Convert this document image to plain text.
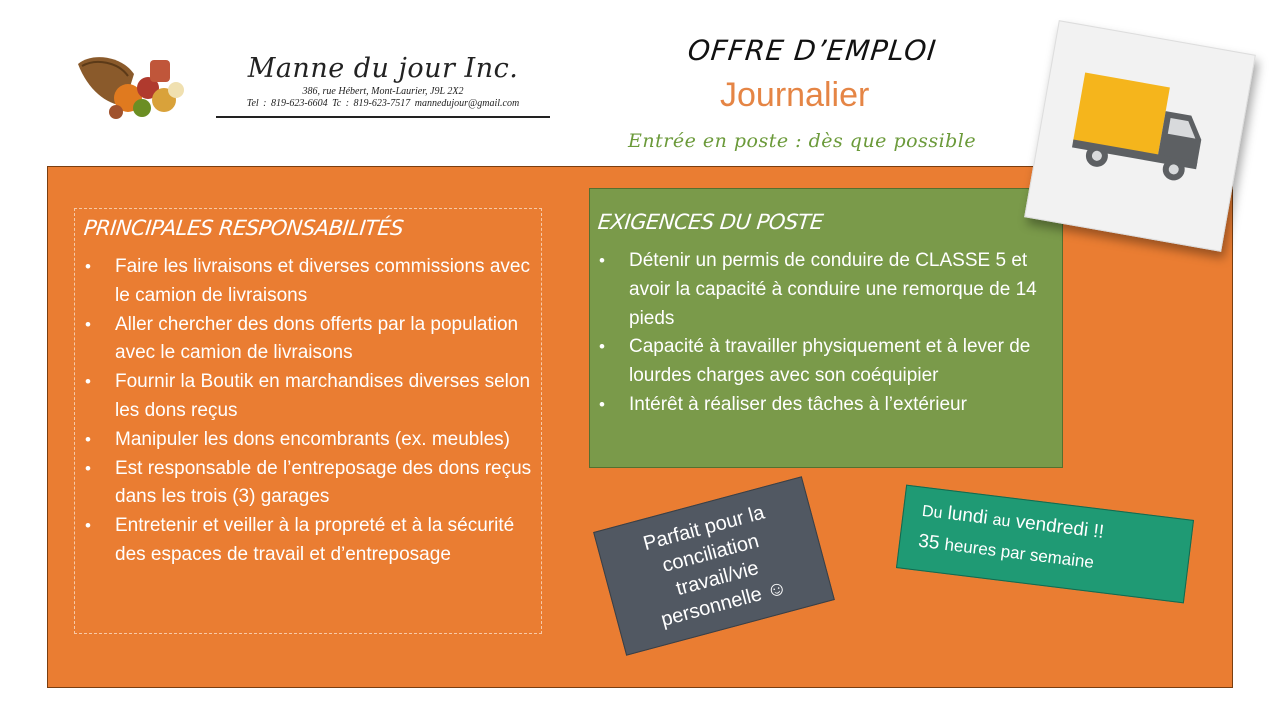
Manne du jour Inc.
386, rue Hébert, Mont-Laurier, J9L 2X2
Tel : 819-623-6604 Tc : 819-623-7517 mannedujour@gmail.com
OFFRE D’EMPLOI
Journalier
Entrée en poste : dès que possible
PRINCIPALES RESPONSABILITÉS
• Faire les livraisons et diverses commissions avec le camion de livraisons
• Aller chercher des dons offerts par la population avec le camion de livraisons
• Fournir la Boutik en marchandises diverses selon les dons reçus
• Manipuler les dons encombrants (ex. meubles)
• Est responsable de l’entreposage des dons reçus dans les trois (3) garages
• Entretenir et veiller à la propreté et à la sécurité des espaces de travail et d’entreposage
EXIGENCES DU POSTE
• Détenir un permis de conduire de CLASSE 5 et avoir la capacité à conduire une remorque de 14 pieds
• Capacité à travailler physiquement et à lever de lourdes charges avec son coéquipier
• Intérêt à réaliser des tâches à l’extérieur
Parfait pour la conciliation travail/vie personnelle ☺
Du lundi au vendredi !!
35 heures par semaine
